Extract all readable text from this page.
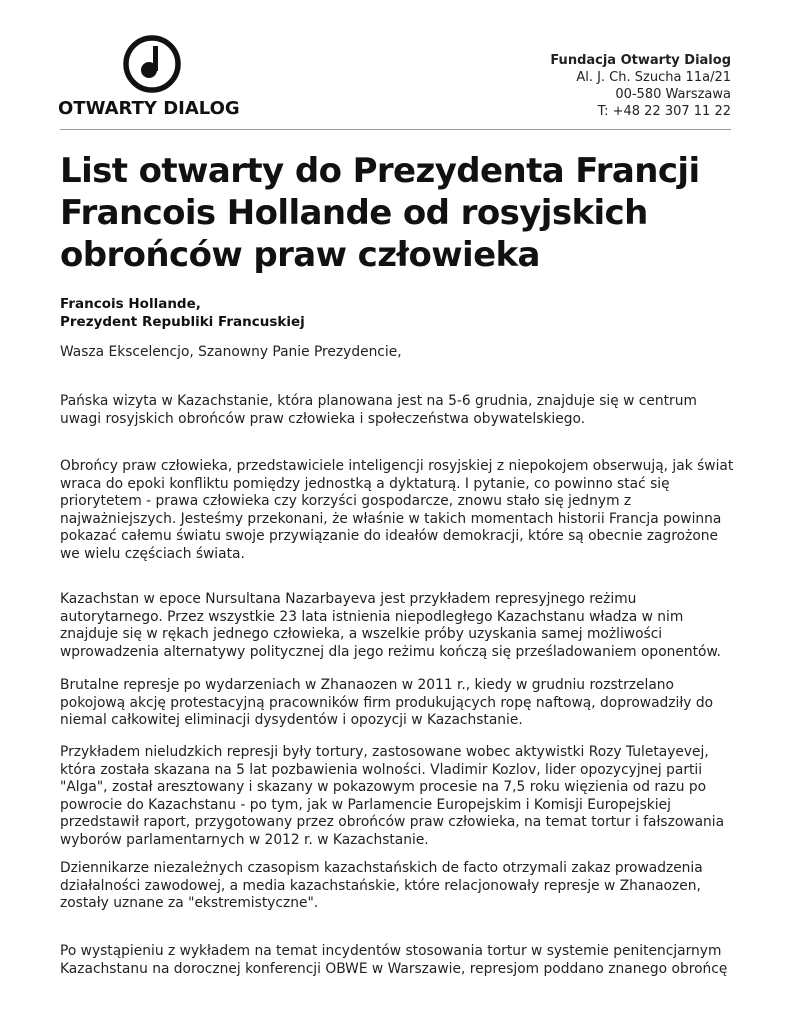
OTWARTY DIALOG
Fundacja Otwarty Dialog
Al. J. Ch. Szucha 11a/21
00-580 Warszawa
T: +48 22 307 11 22
List otwarty do Prezydenta Francji Francois Hollande od rosyjskich obrońców praw człowieka
Francois Hollande,
Prezydent Republiki Francuskiej

Wasza Ekscelencjo, Szanowny Panie Prezydencie,

Pańska wizyta w Kazachstanie, która planowana jest na 5-6 grudnia, znajduje się w centrum uwagi rosyjskich obrońców praw człowieka i społeczeństwa obywatelskiego.

Obrońcy praw człowieka, przedstawiciele inteligencji rosyjskiej z niepokojem obserwują, jak świat wraca do epoki konfliktu pomiędzy jednostką a dyktaturą. I pytanie, co powinno stać się priorytetem - prawa człowieka czy korzyści gospodarcze, znowu stało się jednym z najważniejszych. Jesteśmy przekonani, że właśnie w takich momentach historii Francja powinna pokazać całemu światu swoje przywiązanie do ideałów demokracji, które są obecnie zagrożone we wielu częściach świata.

Kazachstan w epoce Nursultana Nazarbayeva jest przykładem represyjnego reżimu autorytarnego. Przez wszystkie 23 lata istnienia niepodległego Kazachstanu władza w nim znajduje się w rękach jednego człowieka, a wszelkie próby uzyskania samej możliwości wprowadzenia alternatywy politycznej dla jego reżimu kończą się prześladowaniem oponentów.

Brutalne represje po wydarzeniach w Zhanaozen w 2011 r., kiedy w grudniu rozstrzelano pokojową akcję protestacyjną pracowników firm produkujących ropę naftową, doprowadziły do niemal całkowitej eliminacji dysydentów i opozycji w Kazachstanie.

Przykładem nieludzkich represji były tortury, zastosowane wobec aktywistki Rozy Tuletayevej, która została skazana na 5 lat pozbawienia wolności. Vladimir Kozlov, lider opozycyjnej partii "Alga", został aresztowany i skazany w pokazowym procesie na 7,5 roku więzienia od razu po powrocie do Kazachstanu - po tym, jak w Parlamencie Europejskim i Komisji Europejskiej przedstawił raport, przygotowany przez obrońców praw człowieka, na temat tortur i fałszowania wyborów parlamentarnych w 2012 r. w Kazachstanie.

Dziennikarze niezależnych czasopism kazachstańskich de facto otrzymali zakaz prowadzenia działalności zawodowej, a media kazachstańskie, które relacjonowały represje w Zhanaozen, zostały uznane za "ekstremistyczne".

Po wystąpieniu z wykładem na temat incydentów stosowania tortur w systemie penitencjarnym Kazachstanu na dorocznej konferencji OBWE w Warszawie, represjom poddano znanego obrońcę
